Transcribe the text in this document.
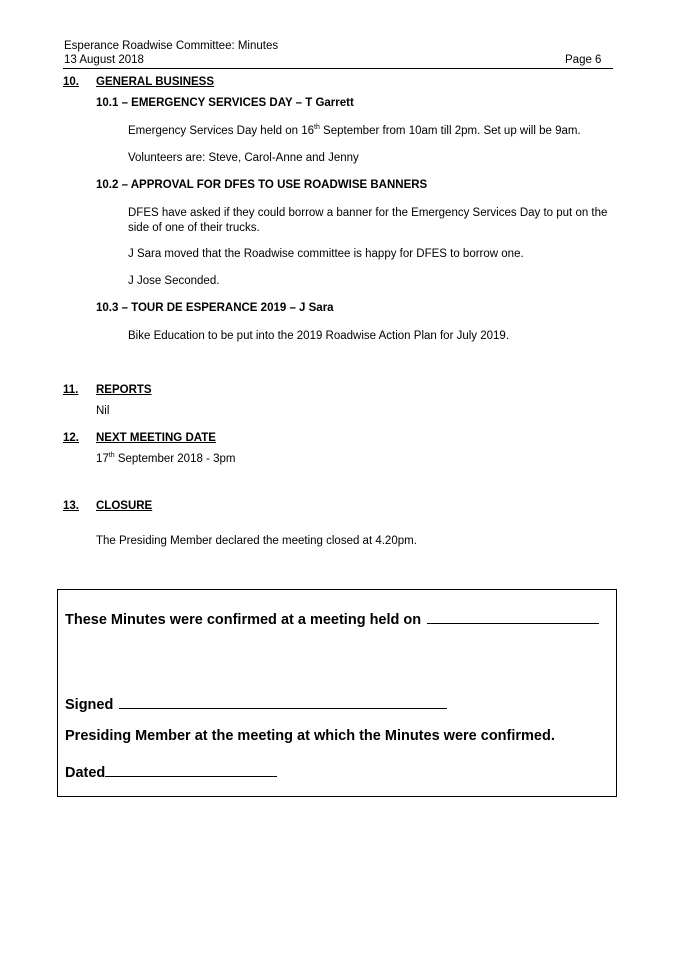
Esperance Roadwise Committee: Minutes
13 August 2018	Page 6
10. GENERAL BUSINESS
10.1 – EMERGENCY SERVICES DAY – T Garrett
Emergency Services Day held on 16th September from 10am till 2pm. Set up will be 9am.
Volunteers are: Steve, Carol-Anne and Jenny
10.2 – APPROVAL FOR DFES TO USE ROADWISE BANNERS
DFES have asked if they could borrow a banner for the Emergency Services Day to put on the side of one of their trucks.
J Sara moved that the Roadwise committee is happy for DFES to borrow one.
J Jose Seconded.
10.3 – TOUR DE ESPERANCE 2019 – J Sara
Bike Education to be put into the 2019 Roadwise Action Plan for July 2019.
11. REPORTS
Nil
12. NEXT MEETING DATE
17th September 2018 - 3pm
13. CLOSURE
The Presiding Member declared the meeting closed at 4.20pm.
These Minutes were confirmed at a meeting held on
Signed
Presiding Member at the meeting at which the Minutes were confirmed.
Dated
